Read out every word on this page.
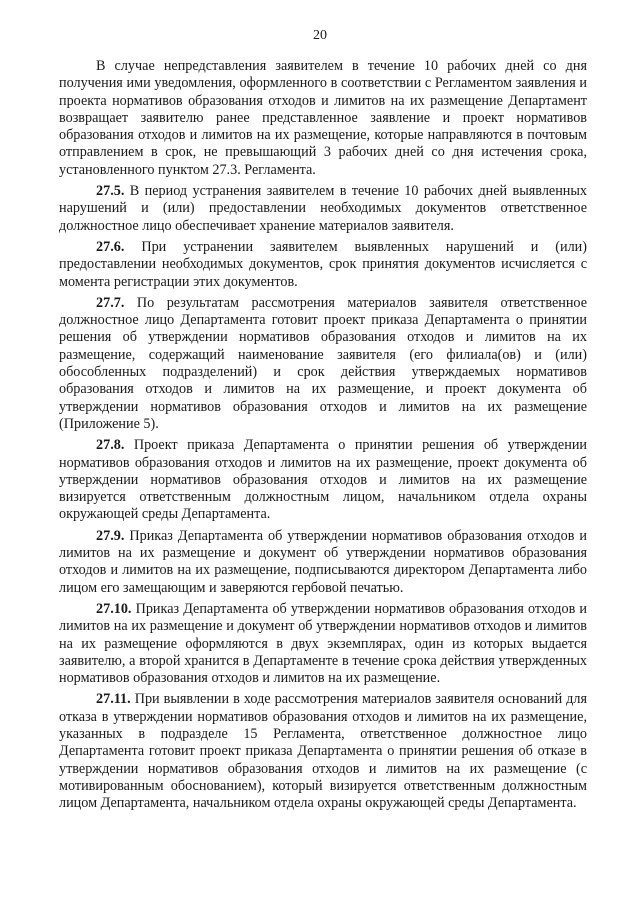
20

В случае непредставления заявителем в течение 10 рабочих дней со дня получения ими уведомления, оформленного в соответствии с Регламентом заявления и проекта нормативов образования отходов и лимитов на их размещение Департамент возвращает заявителю ранее представленное заявление и проект нормативов образования отходов и лимитов на их размещение, которые направляются в почтовым отправлением в срок, не превышающий 3 рабочих дней со дня истечения срока, установленного пунктом 27.3. Регламента.

27.5. В период устранения заявителем в течение 10 рабочих дней выявленных нарушений и (или) предоставлении необходимых документов ответственное должностное лицо обеспечивает хранение материалов заявителя.

27.6. При устранении заявителем выявленных нарушений и (или) предоставлении необходимых документов, срок принятия документов исчисляется с момента регистрации этих документов.

27.7. По результатам рассмотрения материалов заявителя ответственное должностное лицо Департамента готовит проект приказа Департамента о принятии решения об утверждении нормативов образования отходов и лимитов на их размещение, содержащий наименование заявителя (его филиала(ов) и (или) обособленных подразделений) и срок действия утверждаемых нормативов образования отходов и лимитов на их размещение, и проект документа об утверждении нормативов образования отходов и лимитов на их размещение (Приложение 5).

27.8. Проект приказа Департамента о принятии решения об утверждении нормативов образования отходов и лимитов на их размещение, проект документа об утверждении нормативов образования отходов и лимитов на их размещение визируется ответственным должностным лицом, начальником отдела охраны окружающей среды Департамента.

27.9. Приказ Департамента об утверждении нормативов образования отходов и лимитов на их размещение и документ об утверждении нормативов образования отходов и лимитов на их размещение, подписываются директором Департамента либо лицом его замещающим и заверяются гербовой печатью.

27.10. Приказ Департамента об утверждении нормативов образования отходов и лимитов на их размещение и документ об утверждении нормативов отходов и лимитов на их размещение оформляются в двух экземплярах, один из которых выдается заявителю, а второй хранится в Департаменте в течение срока действия утвержденных нормативов образования отходов и лимитов на их размещение.

27.11. При выявлении в ходе рассмотрения материалов заявителя оснований для отказа в утверждении нормативов образования отходов и лимитов на их размещение, указанных в подразделе 15 Регламента, ответственное должностное лицо Департамента готовит проект приказа Департамента о принятии решения об отказе в утверждении нормативов образования отходов и лимитов на их размещение (с мотивированным обоснованием), который визируется ответственным должностным лицом Департамента, начальником отдела охраны окружающей среды Департамента.
